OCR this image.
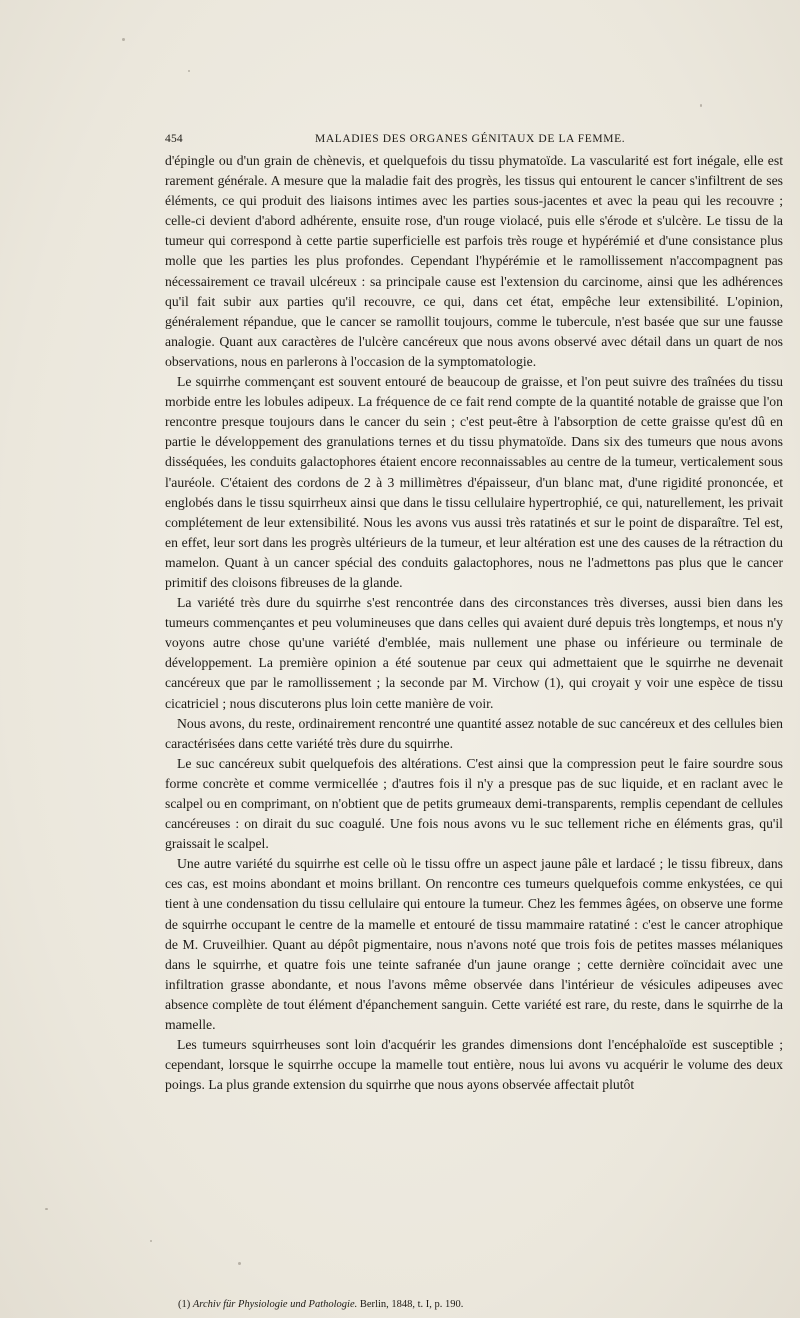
454	MALADIES DES ORGANES GÉNITAUX DE LA FEMME.

d'épingle ou d'un grain de chènevis, et quelquefois du tissu phymatoïde. La vascularité est fort inégale, elle est rarement générale. A mesure que la maladie fait des progrès, les tissus qui entourent le cancer s'infiltrent de ses éléments, ce qui produit des liaisons intimes avec les parties sous-jacentes et avec la peau qui les recouvre ; celle-ci devient d'abord adhérente, ensuite rose, d'un rouge violacé, puis elle s'érode et s'ulcère. Le tissu de la tumeur qui correspond à cette partie superficielle est parfois très rouge et hypérémié et d'une consistance plus molle que les parties les plus profondes. Cependant l'hypérémie et le ramollissement n'accompagnent pas nécessairement ce travail ulcéreux : sa principale cause est l'extension du carcinome, ainsi que les adhérences qu'il fait subir aux parties qu'il recouvre, ce qui, dans cet état, empêche leur extensibilité. L'opinion, généralement répandue, que le cancer se ramollit toujours, comme le tubercule, n'est basée que sur une fausse analogie. Quant aux caractères de l'ulcère cancéreux que nous avons observé avec détail dans un quart de nos observations, nous en parlerons à l'occasion de la symptomatologie.

Le squirrhe commençant est souvent entouré de beaucoup de graisse, et l'on peut suivre des traînées du tissu morbide entre les lobules adipeux. La fréquence de ce fait rend compte de la quantité notable de graisse que l'on rencontre presque toujours dans le cancer du sein ; c'est peut-être à l'absorption de cette graisse qu'est dû en partie le développement des granulations ternes et du tissu phymatoïde. Dans six des tumeurs que nous avons disséquées, les conduits galactophores étaient encore reconnaissables au centre de la tumeur, verticalement sous l'auréole. C'étaient des cordons de 2 à 3 millimètres d'épaisseur, d'un blanc mat, d'une rigidité prononcée, et englobés dans le tissu squirrheux ainsi que dans le tissu cellulaire hypertrophié, ce qui, naturellement, les privait complétement de leur extensibilité. Nous les avons vus aussi très ratatinés et sur le point de disparaître. Tel est, en effet, leur sort dans les progrès ultérieurs de la tumeur, et leur altération est une des causes de la rétraction du mamelon. Quant à un cancer spécial des conduits galactophores, nous ne l'admettons pas plus que le cancer primitif des cloisons fibreuses de la glande.

La variété très dure du squirrhe s'est rencontrée dans des circonstances très diverses, aussi bien dans les tumeurs commençantes et peu volumineuses que dans celles qui avaient duré depuis très longtemps, et nous n'y voyons autre chose qu'une variété d'emblée, mais nullement une phase ou inférieure ou terminale de développement. La première opinion a été soutenue par ceux qui admettaient que le squirrhe ne devenait cancéreux que par le ramollissement ; la seconde par M. Virchow (1), qui croyait y voir une espèce de tissu cicatriciel ; nous discuterons plus loin cette manière de voir.

Nous avons, du reste, ordinairement rencontré une quantité assez notable de suc cancéreux et des cellules bien caractérisées dans cette variété très dure du squirrhe.

Le suc cancéreux subit quelquefois des altérations. C'est ainsi que la compression peut le faire sourdre sous forme concrète et comme vermicellée ; d'autres fois il n'y a presque pas de suc liquide, et en raclant avec le scalpel ou en comprimant, on n'obtient que de petits grumeaux demi-transparents, remplis cependant de cellules cancéreuses : on dirait du suc coagulé. Une fois nous avons vu le suc tellement riche en éléments gras, qu'il graissait le scalpel.

Une autre variété du squirrhe est celle où le tissu offre un aspect jaune pâle et lardacé ; le tissu fibreux, dans ces cas, est moins abondant et moins brillant. On rencontre ces tumeurs quelquefois comme enkystées, ce qui tient à une condensation du tissu cellulaire qui entoure la tumeur. Chez les femmes âgées, on observe une forme de squirrhe occupant le centre de la mamelle et entouré de tissu mammaire ratatiné : c'est le cancer atrophique de M. Cruveilhier. Quant au dépôt pigmentaire, nous n'avons noté que trois fois de petites masses mélaniques dans le squirrhe, et quatre fois une teinte safranée d'un jaune orange ; cette dernière coïncidait avec une infiltration grasse abondante, et nous l'avons même observée dans l'intérieur de vésicules adipeuses avec absence complète de tout élément d'épanchement sanguin. Cette variété est rare, du reste, dans le squirrhe de la mamelle.

Les tumeurs squirrheuses sont loin d'acquérir les grandes dimensions dont l'encéphaloïde est susceptible ; cependant, lorsque le squirrhe occupe la mamelle tout entière, nous lui avons vu acquérir le volume des deux poings. La plus grande extension du squirrhe que nous ayons observée affectait plutôt

(1) Archiv für Physiologie und Pathologie. Berlin, 1848, t. I, p. 190.
